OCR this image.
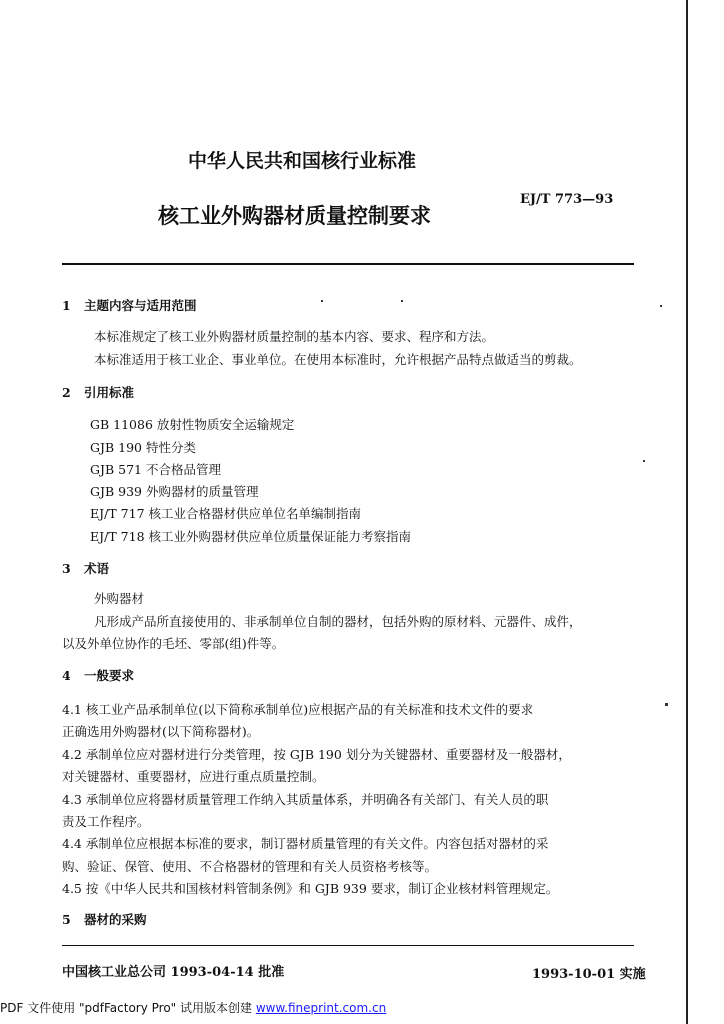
中华人民共和国核行业标准
核工业外购器材质量控制要求
EJ/T 773—93
1 主题内容与适用范围
本标准规定了核工业外购器材质量控制的基本内容、要求、程序和方法。
本标准适用于核工业企、事业单位。在使用本标准时，允许根据产品特点做适当的剪裁。
2 引用标准
GB 11086 放射性物质安全运输规定
GJB 190 特性分类
GJB 571 不合格品管理
GJB 939 外购器材的质量管理
EJ/T 717 核工业合格器材供应单位名单编制指南
EJ/T 718 核工业外购器材供应单位质量保证能力考察指南
3 术语
外购器材
凡形成产品所直接使用的、非承制单位自制的器材，包括外购的原材料、元器件、成件，
以及外单位协作的毛坯、零部(组)件等。
4 一般要求
4.1 核工业产品承制单位(以下简称承制单位)应根据产品的有关标准和技术文件的要求
正确选用外购器材(以下简称器材)。
4.2 承制单位应对器材进行分类管理，按 GJB 190 划分为关键器材、重要器材及一般器材，
对关键器材、重要器材，应进行重点质量控制。
4.3 承制单位应将器材质量管理工作纳入其质量体系，并明确各有关部门、有关人员的职
责及工作程序。
4.4 承制单位应根据本标准的要求，制订器材质量管理的有关文件。内容包括对器材的采
购、验证、保管、使用、不合格器材的管理和有关人员资格考核等。
4.5 按《中华人民共和国核材料管制条例》和 GJB 939 要求，制订企业核材料管理规定。
5 器材的采购
中国核工业总公司 1993-04-14 批准	1993-10-01 实施
PDF 文件使用 "pdfFactory Pro" 试用版本创建 www.fineprint.com.cn
